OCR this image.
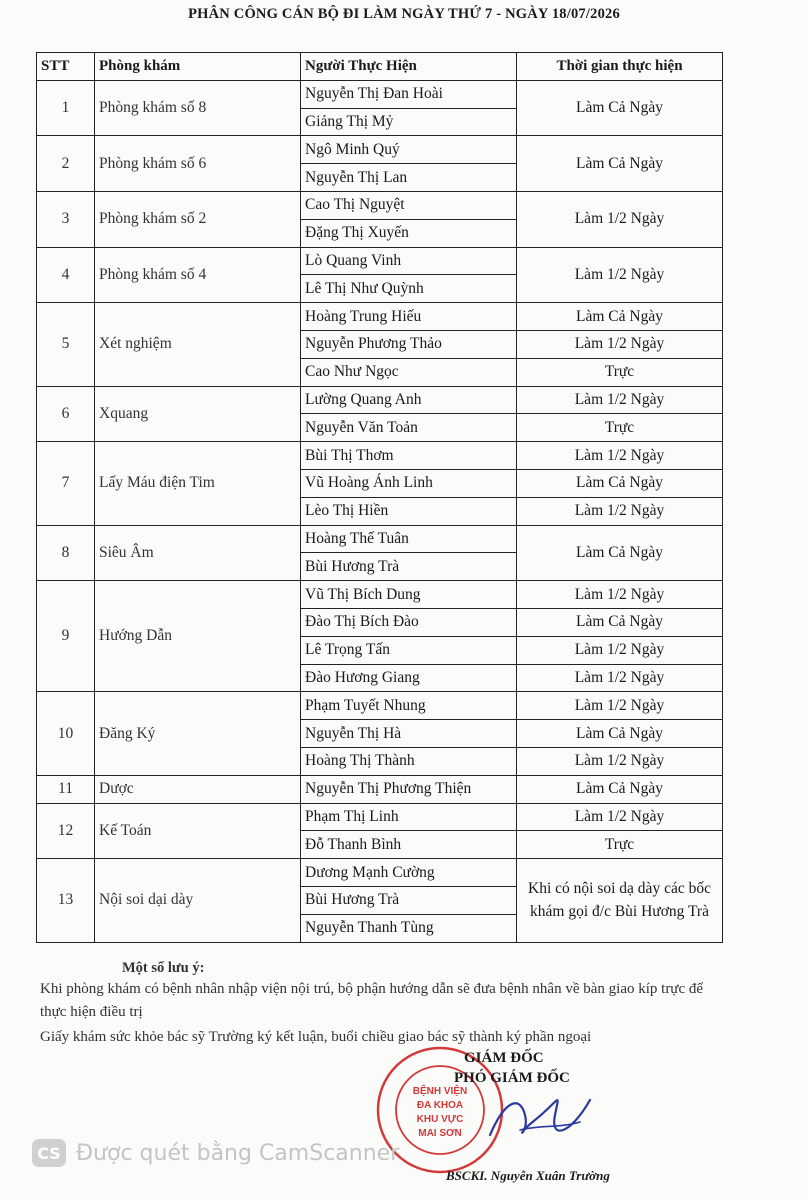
PHÂN CÔNG CÁN BỘ ĐI LÀM NGÀY THỨ 7 - NGÀY 18/07/2026
STT	Phòng khám	Người Thực Hiện	Thời gian thực hiện
1	Phòng khám số 8	Nguyễn Thị Đan Hoài	Làm Cả Ngày
		Giảng Thị Mỷ	
2	Phòng khám số 6	Ngô Minh Quý	Làm Cả Ngày
		Nguyễn Thị Lan	
3	Phòng khám số 2	Cao Thị Nguyệt	Làm 1/2 Ngày
		Đặng Thị Xuyến	
4	Phòng khám số 4	Lò Quang Vinh	Làm 1/2 Ngày
		Lê Thị Như Quỳnh	
5	Xét nghiệm	Hoàng Trung Hiếu	Làm Cả Ngày
		Nguyễn Phương Thảo	Làm 1/2 Ngày
		Cao Như Ngọc	Trực
6	Xquang	Lường Quang Anh	Làm 1/2 Ngày
		Nguyễn Văn Toản	Trực
7	Lấy Máu điện Tim	Bùi Thị Thơm	Làm 1/2 Ngày
		Vũ Hoàng Ánh Linh	Làm Cả Ngày
		Lèo Thị Hiền	Làm 1/2 Ngày
8	Siêu Âm	Hoàng Thế Tuân	Làm Cả Ngày
		Bùi Hương Trà	
9	Hướng Dẫn	Vũ Thị Bích Dung	Làm 1/2 Ngày
		Đào Thị Bích Đào	Làm Cả Ngày
		Lê Trọng Tấn	Làm 1/2 Ngày
		Đào Hương Giang	Làm 1/2 Ngày
10	Đăng Ký	Phạm Tuyết Nhung	Làm 1/2 Ngày
		Nguyễn Thị Hà	Làm Cả Ngày
		Hoàng Thị Thành	Làm 1/2 Ngày
11	Dược	Nguyễn Thị Phương Thiện	Làm Cả Ngày
12	Kế Toán	Phạm Thị Linh	Làm 1/2 Ngày
		Đỗ Thanh Bình	Trực
13	Nội soi dại dày	Dương Mạnh Cường	Khi có nội soi dạ dày các bốc khám gọi đ/c Bùi Hương Trà
		Bùi Hương Trà	
		Nguyễn Thanh Tùng	
Một số lưu ý:

Khi phòng khám có bệnh nhân nhập viện nội trú, bộ phận hướng dẫn sẽ đưa bệnh nhân về bàn giao kíp trực để thực hiện điều trị

Giấy khám sức khỏe bác sỹ Trường ký kết luận, buổi chiều giao bác sỹ thành ký phần ngoại

BỆNH VIỆN
ĐA KHOA
KHU VỰC
MAI SƠN
GIÁM ĐỐC
PHÓ GIÁM ĐỐC
BSCKI. Nguyễn Xuân Trường
CS Được quét bằng CamScanner
